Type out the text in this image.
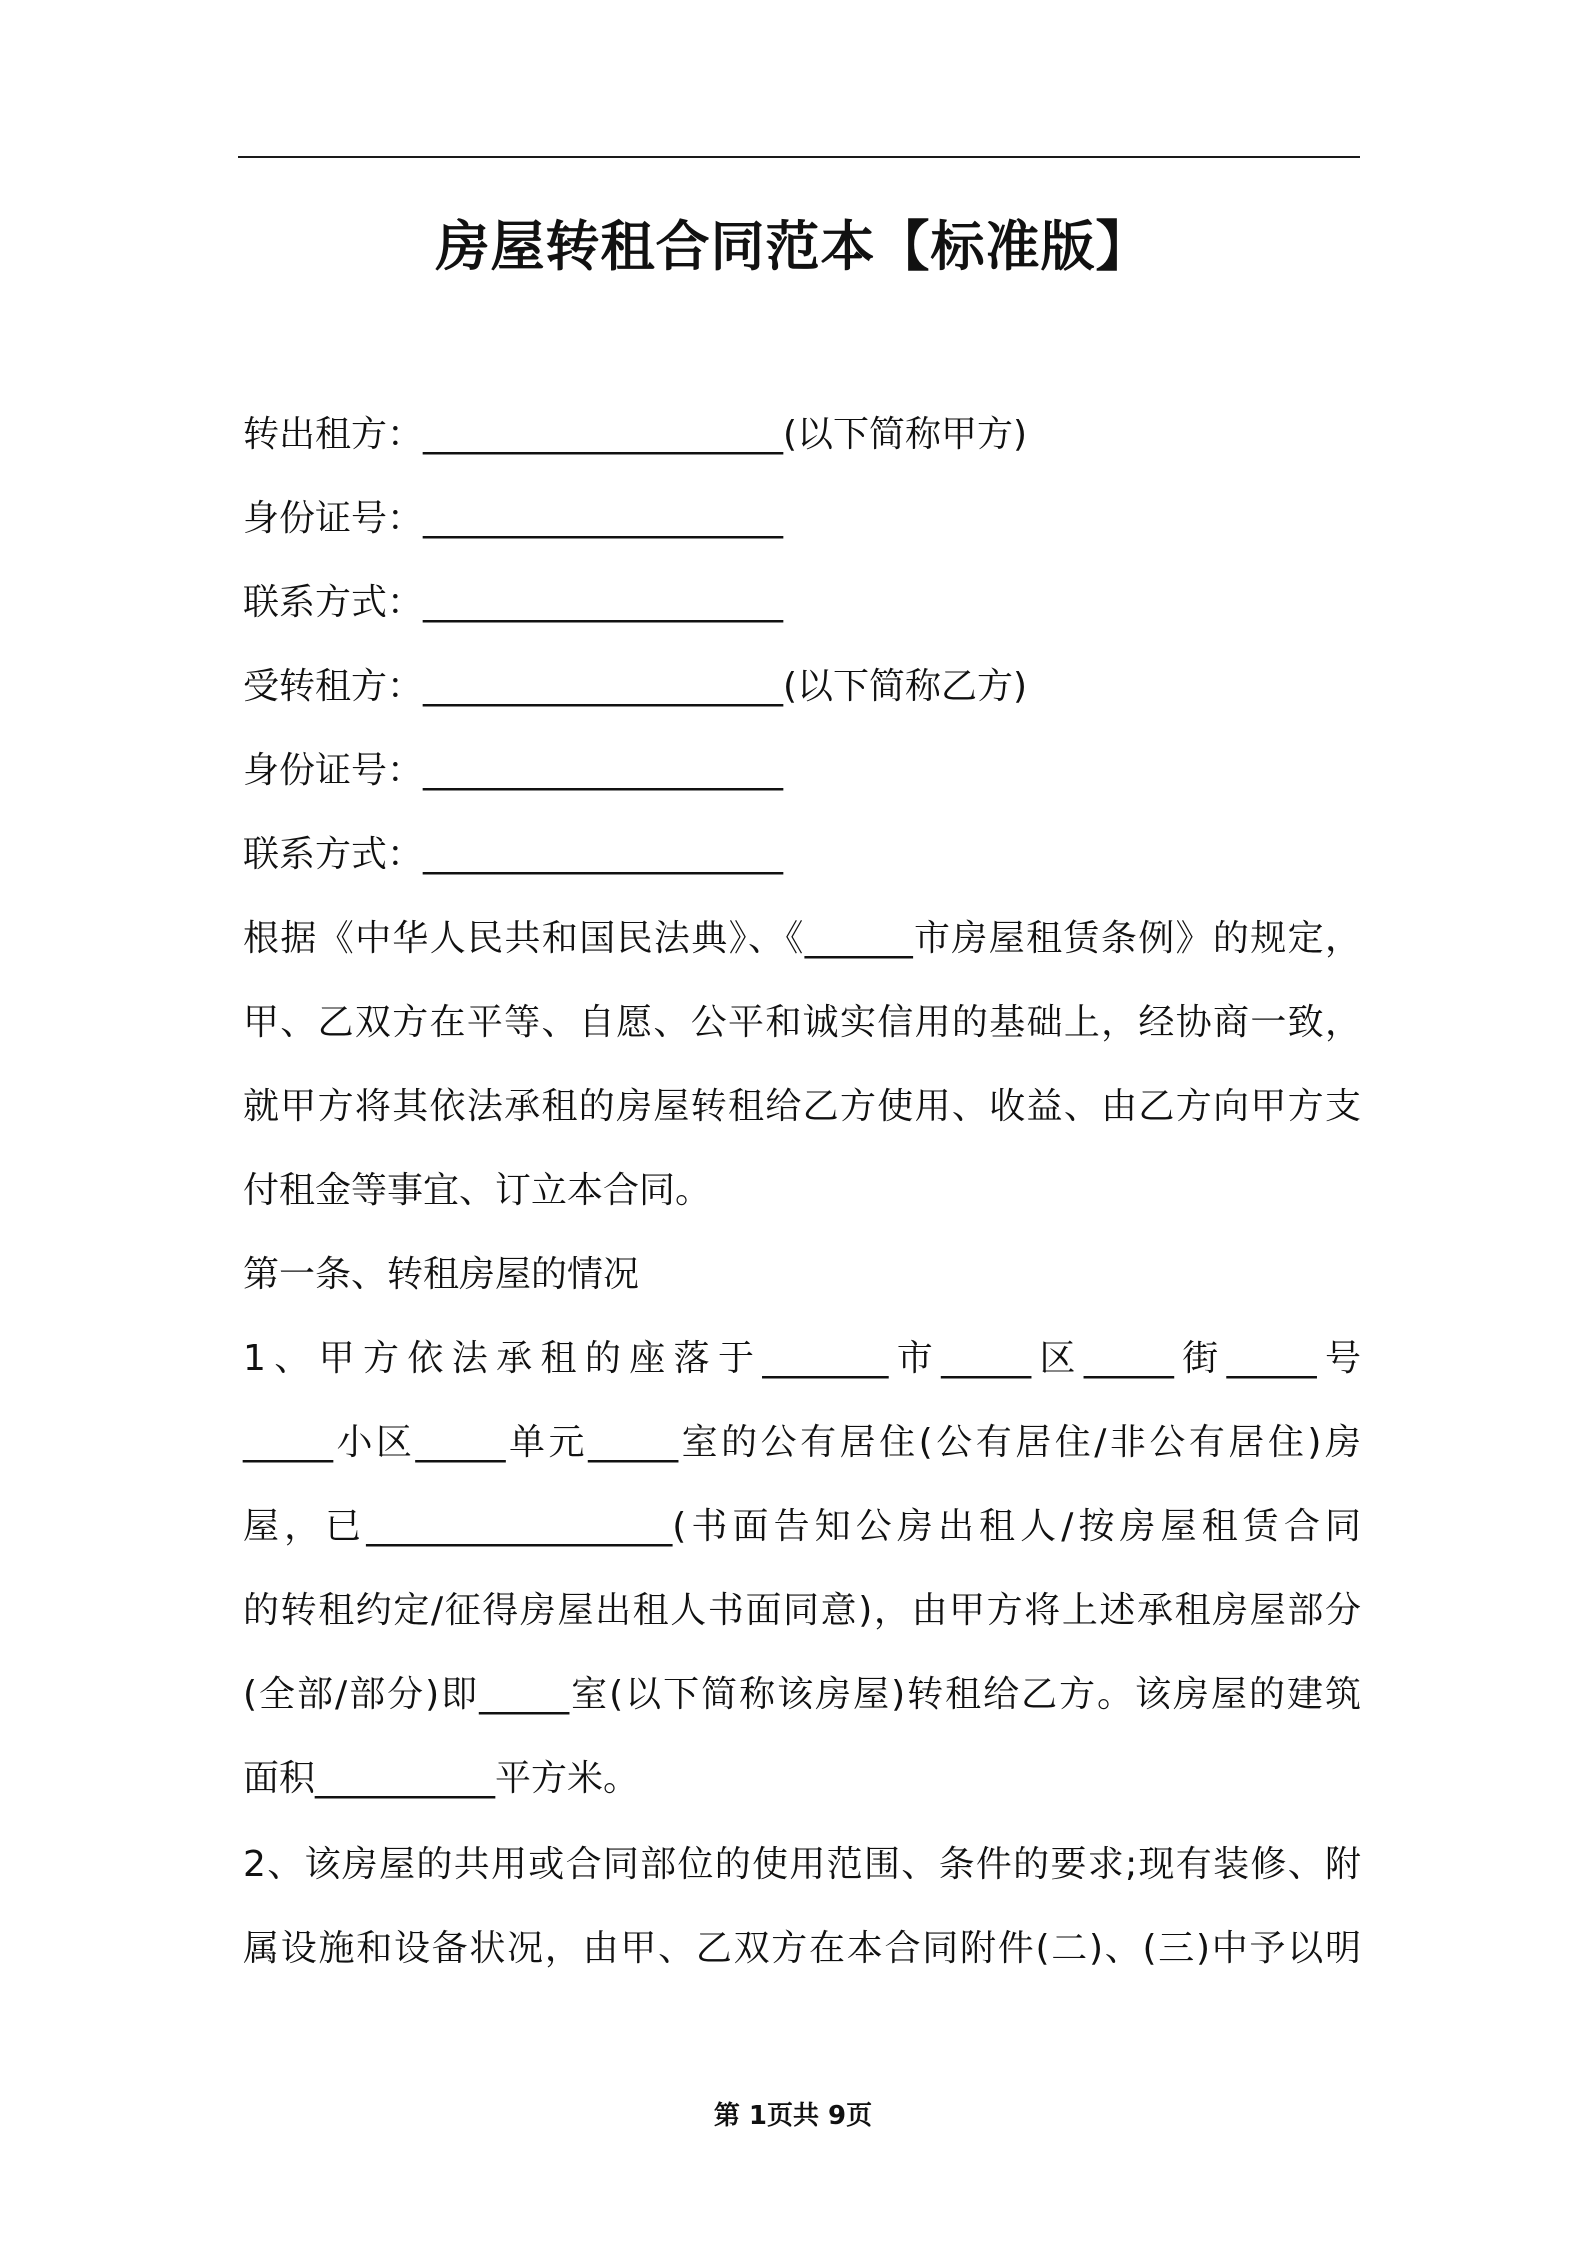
房屋转租合同范本【标准版】
转出租方：____________________(以下简称甲方)
身份证号：____________________
联系方式：____________________
受转租方：____________________(以下简称乙方)
身份证号：____________________
联系方式：____________________
根据《中华人民共和国民法典》、《______市房屋租赁条例》的规定，
甲、乙双方在平等、自愿、公平和诚实信用的基础上，经协商一致，
就甲方将其依法承租的房屋转租给乙方使用、收益、由乙方向甲方支
付租金等事宜、订立本合同。
第一条、转租房屋的情况
1、甲方依法承租的座落于_______市_____区_____街_____号
_____小区_____单元_____室的公有居住(公有居住/非公有居住)房
屋，已_________________(书面告知公房出租人/按房屋租赁合同
的转租约定/征得房屋出租人书面同意)，由甲方将上述承租房屋部分
(全部/部分)即_____室(以下简称该房屋)转租给乙方。该房屋的建筑
面积__________平方米。
2、该房屋的共用或合同部位的使用范围、条件的要求;现有装修、附
属设施和设备状况，由甲、乙双方在本合同附件(二)、(三)中予以明
第 1页共 9页
